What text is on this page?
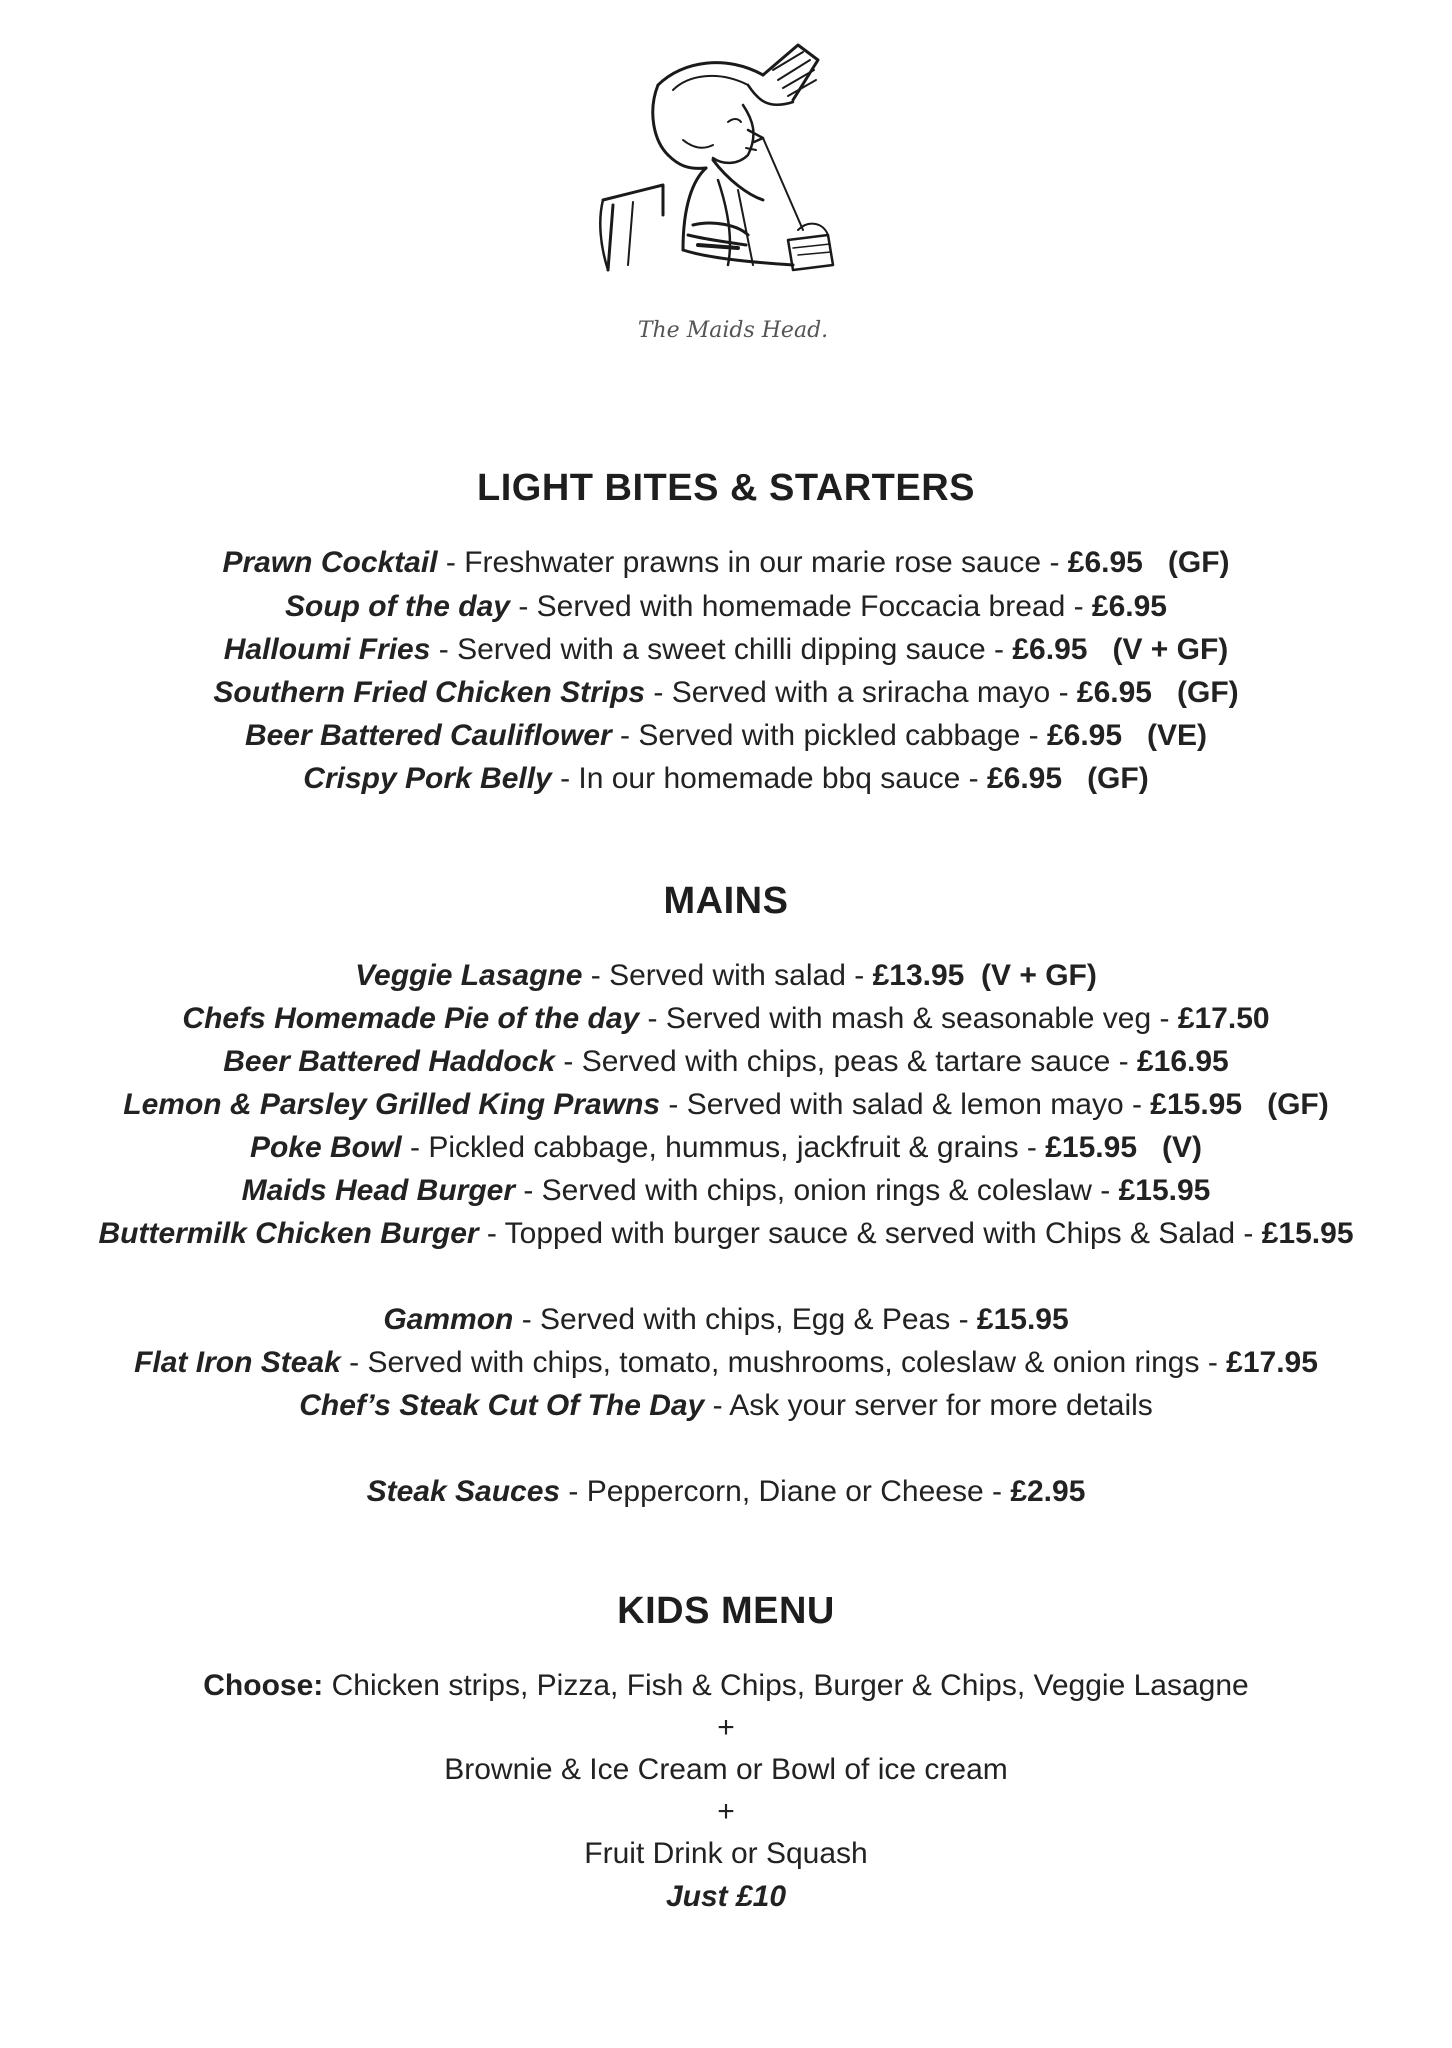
The Maids Head.
LIGHT BITES & STARTERS
Prawn Cocktail - Freshwater prawns in our marie rose sauce - £6.95 (GF)
Soup of the day - Served with homemade Foccacia bread - £6.95
Halloumi Fries - Served with a sweet chilli dipping sauce - £6.95 (V + GF)
Southern Fried Chicken Strips - Served with a sriracha mayo - £6.95 (GF)
Beer Battered Cauliflower - Served with pickled cabbage - £6.95 (VE)
Crispy Pork Belly - In our homemade bbq sauce - £6.95 (GF)
MAINS
Veggie Lasagne - Served with salad - £13.95 (V + GF)
Chefs Homemade Pie of the day - Served with mash & seasonable veg - £17.50
Beer Battered Haddock - Served with chips, peas & tartare sauce - £16.95
Lemon & Parsley Grilled King Prawns - Served with salad & lemon mayo - £15.95 (GF)
Poke Bowl - Pickled cabbage, hummus, jackfruit & grains - £15.95 (V)
Maids Head Burger - Served with chips, onion rings & coleslaw - £15.95
Buttermilk Chicken Burger - Topped with burger sauce & served with Chips & Salad - £15.95
Gammon - Served with chips, Egg & Peas - £15.95
Flat Iron Steak - Served with chips, tomato, mushrooms, coleslaw & onion rings - £17.95
Chef’s Steak Cut Of The Day - Ask your server for more details
Steak Sauces - Peppercorn, Diane or Cheese - £2.95
KIDS MENU
Choose: Chicken strips, Pizza, Fish & Chips, Burger & Chips, Veggie Lasagne
+
Brownie & Ice Cream or Bowl of ice cream
+
Fruit Drink or Squash
Just £10
